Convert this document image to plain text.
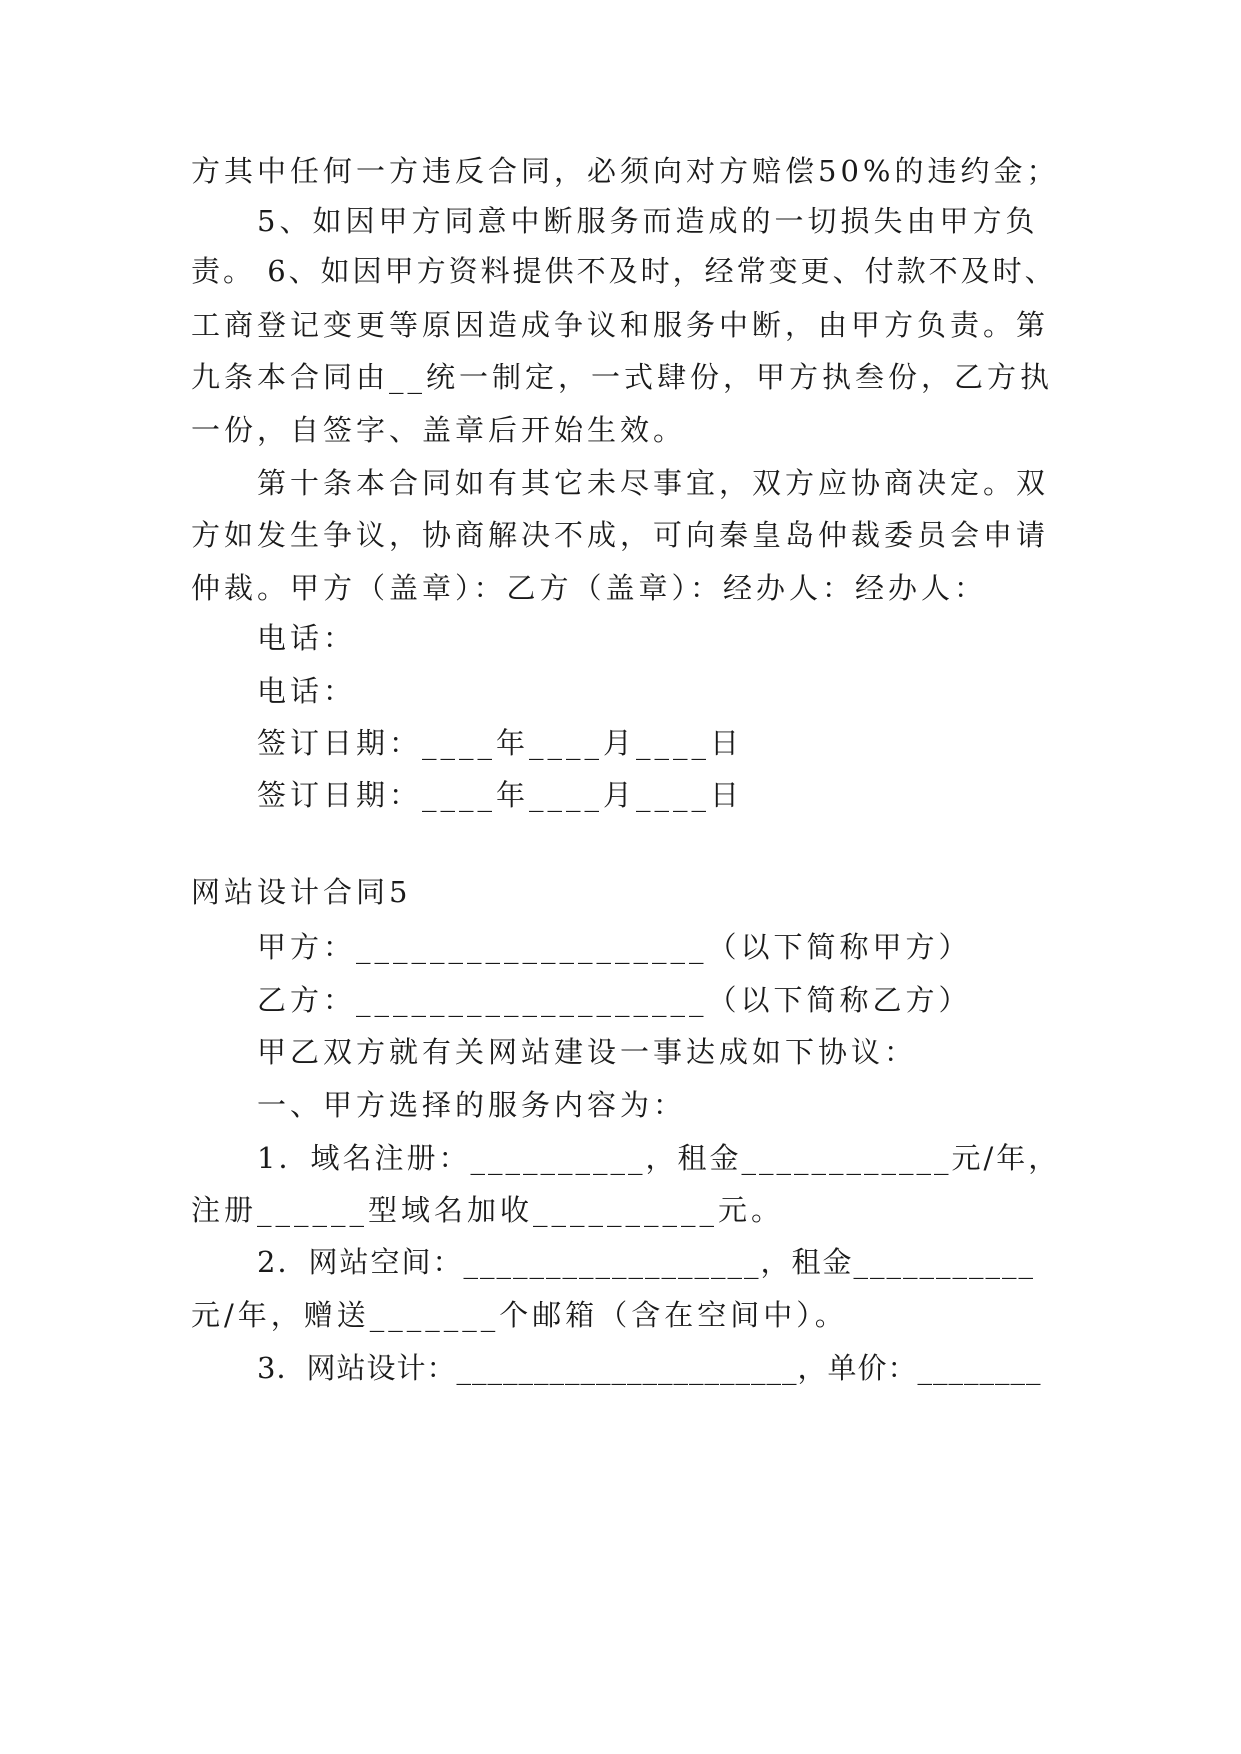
方其中任何一方违反合同，必须向对方赔偿50%的违约金；
5、如因甲方同意中断服务而造成的一切损失由甲方负
责。 6、如因甲方资料提供不及时，经常变更、付款不及时、
工商登记变更等原因造成争议和服务中断，由甲方负责。第
九条本合同由__统一制定，一式肆份，甲方执叁份，乙方执
一份，自签字、盖章后开始生效。
第十条本合同如有其它未尽事宜，双方应协商决定。双
方如发生争议，协商解决不成，可向秦皇岛仲裁委员会申请
仲裁。甲方（盖章）：乙方（盖章）：经办人：经办人：
电话：
电话：
签订日期：____年____月____日
签订日期：____年____月____日
网站设计合同5
甲方：___________________（以下简称甲方）
乙方：___________________（以下简称乙方）
甲乙双方就有关网站建设一事达成如下协议：
一、甲方选择的服务内容为：
1．域名注册：__________，租金____________元/年，
注册______型域名加收__________元。
2．网站空间：__________________，租金___________
元/年，赠送_______个邮箱（含在空间中）。
3．网站设计：______________________，单价：________
